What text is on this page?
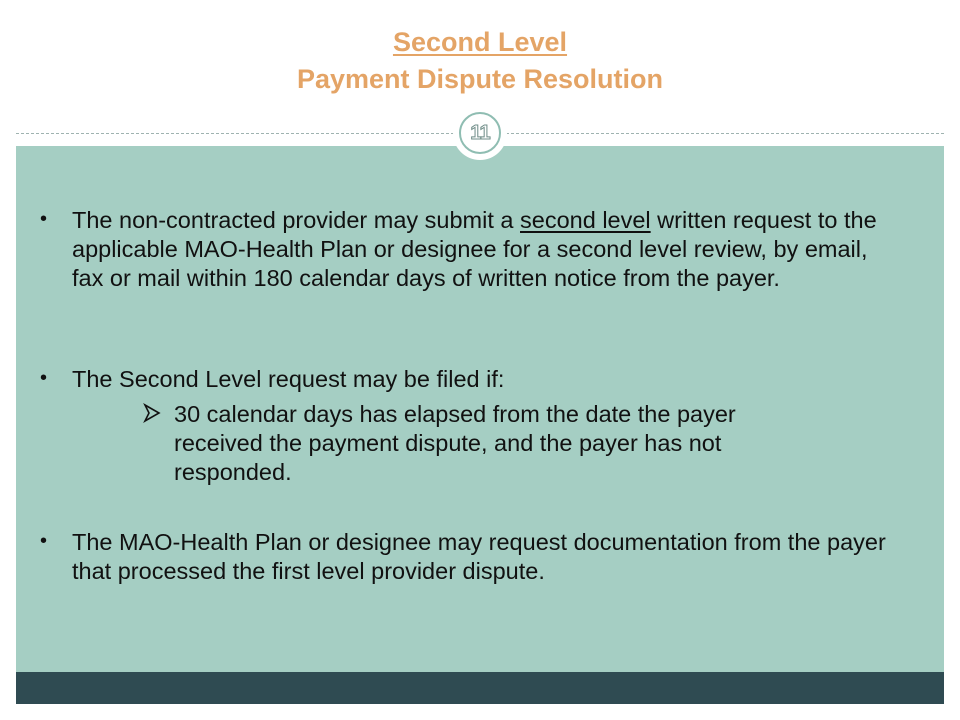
Second Level
Payment Dispute Resolution
11
• The non-contracted provider may submit a second level written request to the applicable MAO-Health Plan or designee for a second level review, by email, fax or mail within 180 calendar days of written notice from the payer.
• The Second Level request may be filed if:
30 calendar days has elapsed from the date the payer received the payment dispute, and the payer has not responded.
• The MAO-Health Plan or designee may request documentation from the payer that processed the first level provider dispute.
